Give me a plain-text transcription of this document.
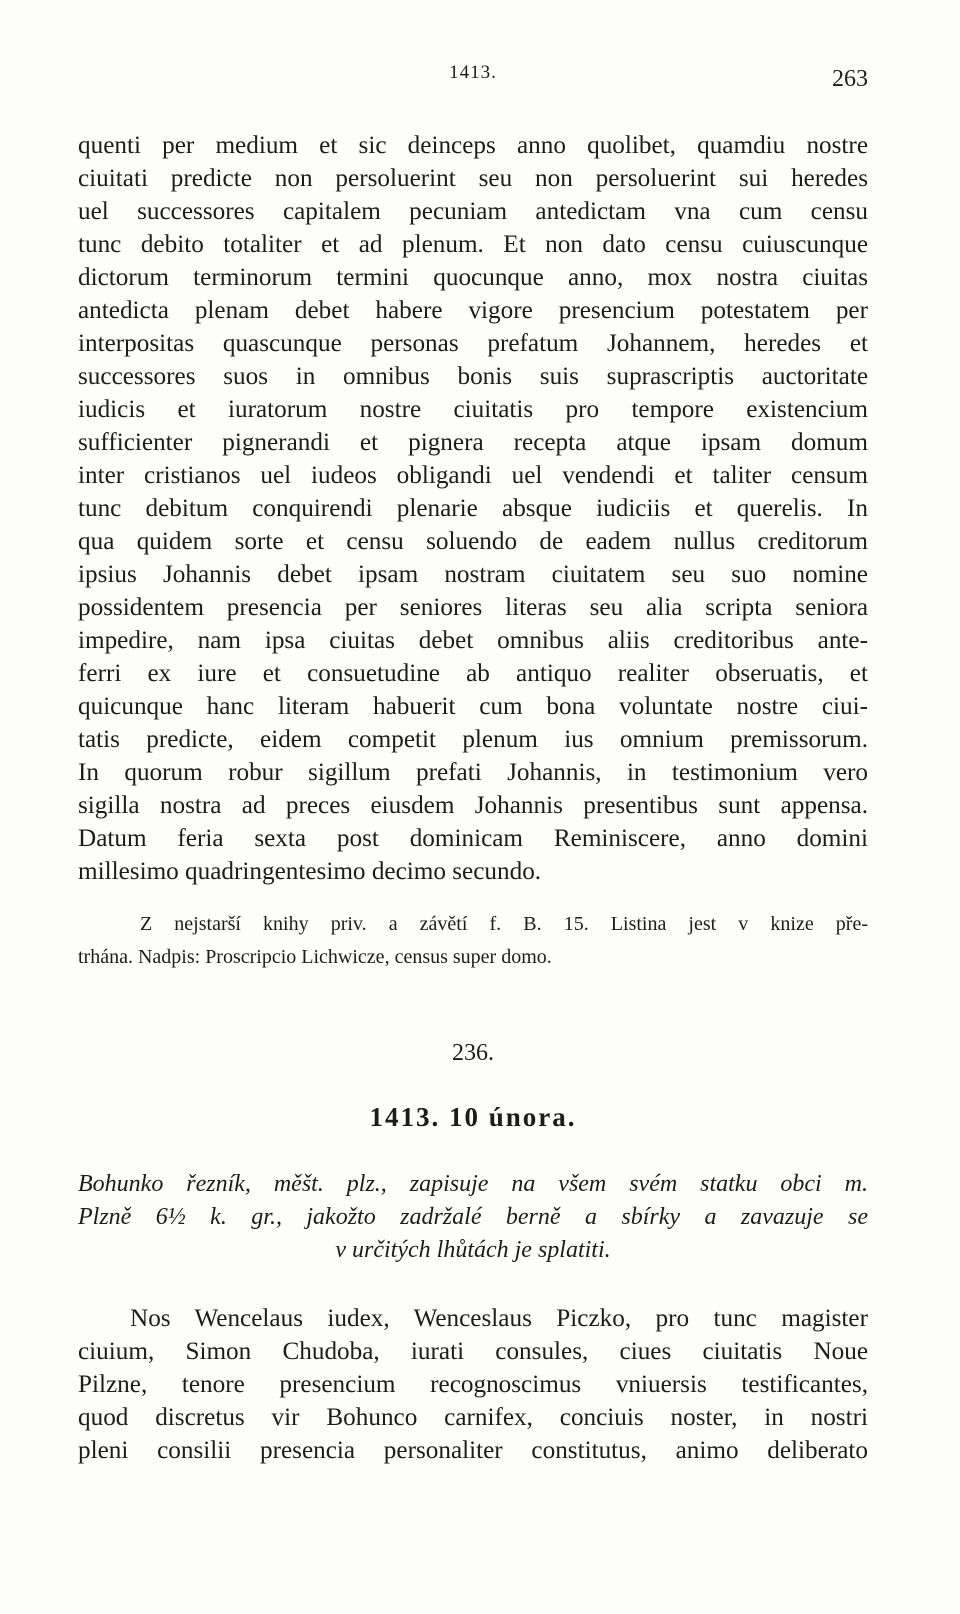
1413.	263
quenti per medium et sic deinceps anno quolibet, quamdiu nostre
ciuitati predicte non persoluerint seu non persoluerint sui heredes
uel successores capitalem pecuniam antedictam vna cum censu
tunc debito totaliter et ad plenum. Et non dato censu cuiuscunque
dictorum terminorum termini quocunque anno, mox nostra ciuitas
antedicta plenam debet habere vigore presencium potestatem per
interpositas quascunque personas prefatum Johannem, heredes et
successores suos in omnibus bonis suis suprascriptis auctoritate
iudicis et iuratorum nostre ciuitatis pro tempore existencium
sufficienter pignerandi et pignera recepta atque ipsam domum
inter cristianos uel iudeos obligandi uel vendendi et taliter censum
tunc debitum conquirendi plenarie absque iudiciis et querelis. In
qua quidem sorte et censu soluendo de eadem nullus creditorum
ipsius Johannis debet ipsam nostram ciuitatem seu suo nomine
possidentem presencia per seniores literas seu alia scripta seniora
impedire, nam ipsa ciuitas debet omnibus aliis creditoribus ante-
ferri ex iure et consuetudine ab antiquo realiter obseruatis, et
quicunque hanc literam habuerit cum bona voluntate nostre ciui-
tatis predicte, eidem competit plenum ius omnium premissorum.
In quorum robur sigillum prefati Johannis, in testimonium vero
sigilla nostra ad preces eiusdem Johannis presentibus sunt appensa.
Datum feria sexta post dominicam Reminiscere, anno domini
millesimo quadringentesimo decimo secundo.
Z nejstarší knihy priv. a závětí f. B. 15. Listina jest v knize pře-
trhána. Nadpis: Proscripcio Lichwicze, census super domo.
236.
1413. 10 února.
Bohunko řezník, měšt. plz., zapisuje na všem svém statku obci m.
Plzně 6½ k. gr., jakožto zadržalé berně a sbírky a zavazuje se
v určitých lhůtách je splatiti.
Nos Wencelaus iudex, Wenceslaus Piczko, pro tunc magister
ciuium, Simon Chudoba, iurati consules, ciues ciuitatis Noue
Pilzne, tenore presencium recognoscimus vniuersis testificantes,
quod discretus vir Bohunco carnifex, conciuis noster, in nostri
pleni consilii presencia personaliter constitutus, animo deliberato
